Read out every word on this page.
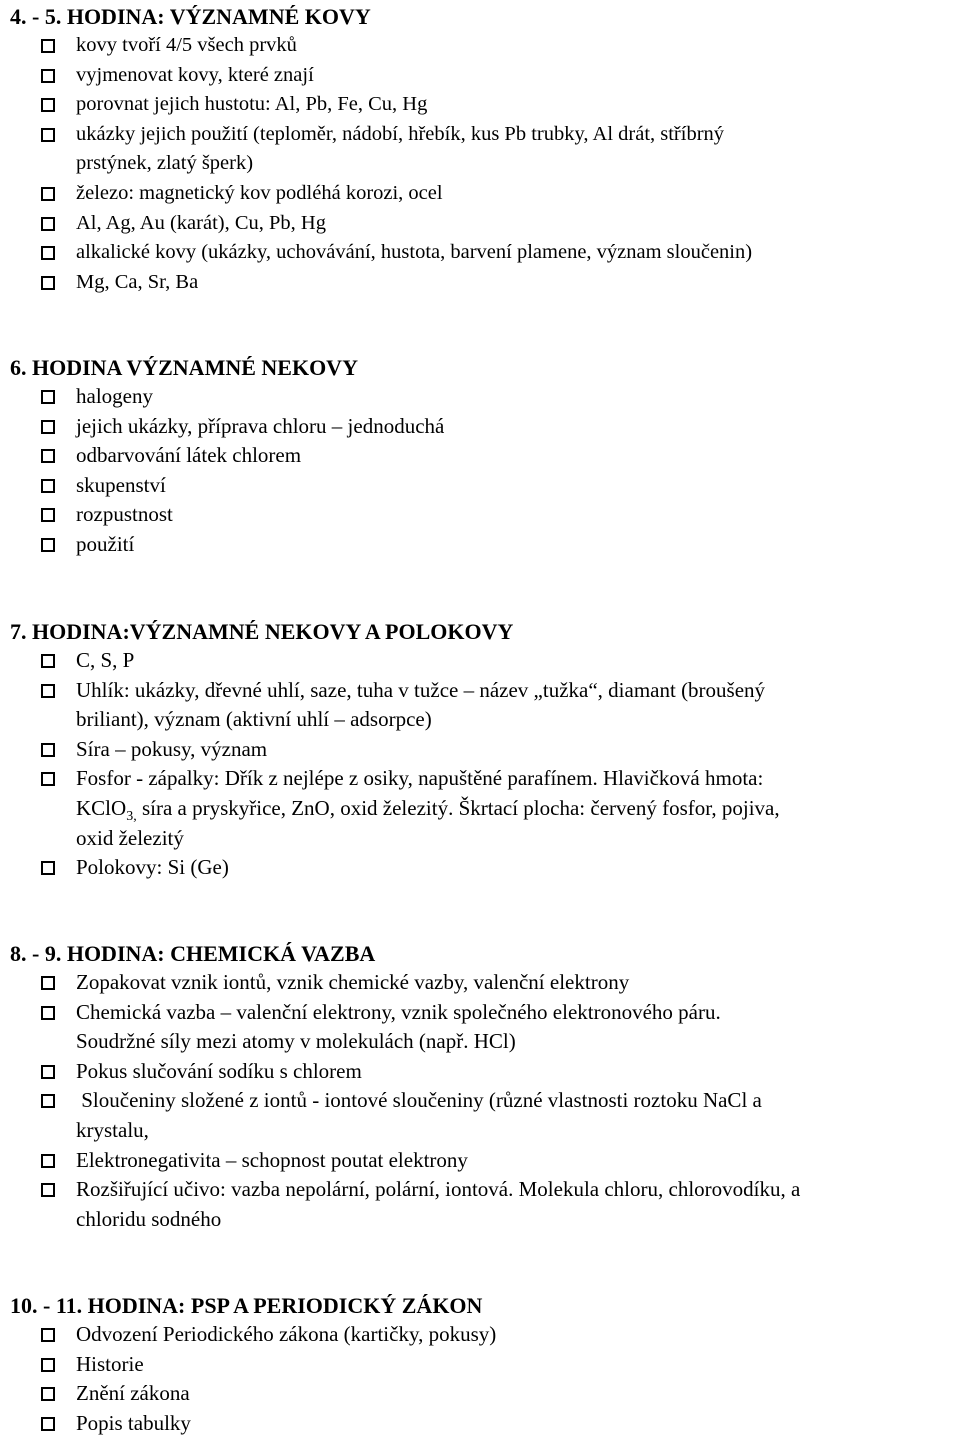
4. - 5. HODINA: VÝZNAMNÉ KOVY
kovy tvoří 4/5 všech prvků
vyjmenovat kovy, které znají
porovnat jejich hustotu: Al, Pb, Fe, Cu, Hg
ukázky jejich použití (teploměr, nádobí, hřebík, kus Pb trubky, Al drát, stříbrný
prstýnek, zlatý šperk)
železo: magnetický kov podléhá korozi, ocel
Al, Ag, Au (karát), Cu, Pb, Hg
alkalické kovy (ukázky, uchovávání, hustota, barvení plamene, význam sloučenin)
Mg, Ca, Sr, Ba
6. HODINA VÝZNAMNÉ NEKOVY
halogeny
jejich ukázky, příprava chloru – jednoduchá
odbarvování látek chlorem
skupenství
rozpustnost
použití
7. HODINA:VÝZNAMNÉ NEKOVY A POLOKOVY
C, S, P
Uhlík: ukázky, dřevné uhlí, saze, tuha v tužce – název „tužka“, diamant (broušený
briliant), význam (aktivní uhlí – adsorpce)
Síra – pokusy, význam
Fosfor - zápalky: Dřík z nejlépe z osiky, napuštěné parafínem. Hlavičková hmota:
KClO$_{3,}$ síra a pryskyřice, ZnO, oxid železitý. Škrtací plocha: červený fosfor, pojiva,
oxid železitý
Polokovy: Si (Ge)
8. - 9. HODINA: CHEMICKÁ VAZBA
Zopakovat vznik iontů, vznik chemické vazby, valenční elektrony
Chemická vazba – valenční elektrony, vznik společného elektronového páru.
Soudržné síly mezi atomy v molekulách (např. HCl)
Pokus slučování sodíku s chlorem
Sloučeniny složené z iontů - iontové sloučeniny (různé vlastnosti roztoku NaCl a
krystalu,
Elektronegativita – schopnost poutat elektrony
Rozšiřující učivo: vazba nepolární, polární, iontová. Molekula chloru, chlorovodíku, a
chloridu sodného
10. - 11. HODINA: PSP A PERIODICKÝ ZÁKON
Odvození Periodického zákona (kartičky, pokusy)
Historie
Znění zákona
Popis tabulky
